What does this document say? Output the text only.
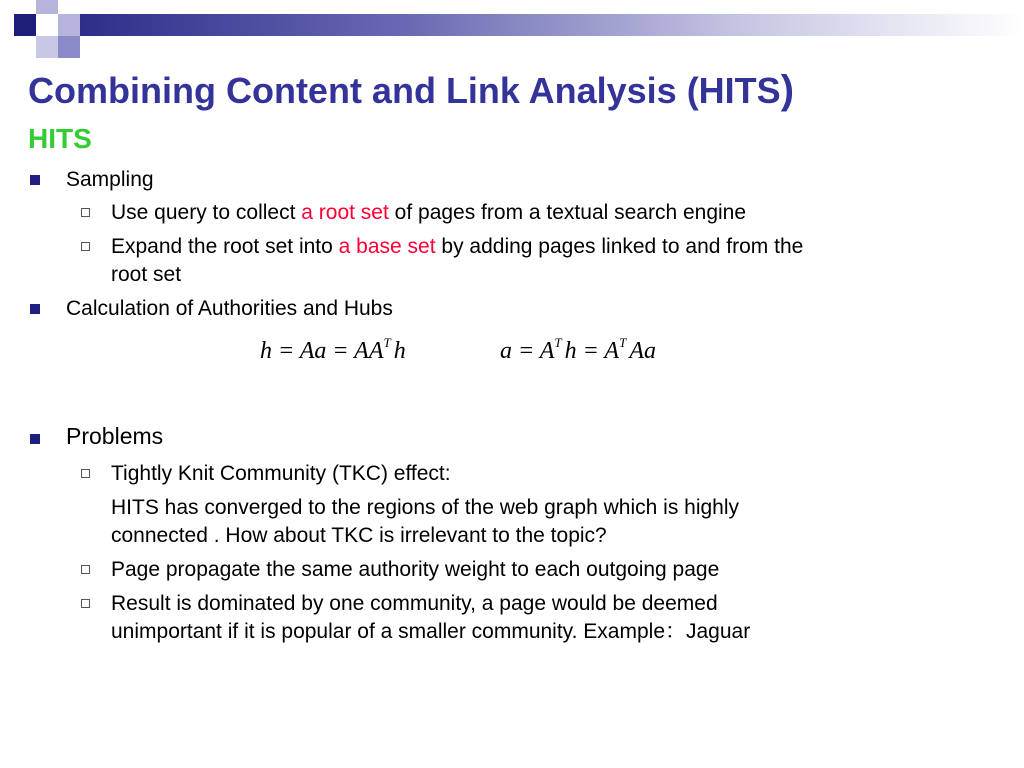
Combining Content and Link Analysis (HITS)
HITS
Sampling
Use query to collect a root set of pages from a textual search engine
Expand the root set into a base set by adding pages linked to and from the
root set
Calculation of Authorities and Hubs
$h = Aa = AA^T$ h	$a = A^T$ $h = A^T$ Aa
Problems
Tightly Knit Community (TKC) effect:
HITS has converged to the regions of the web graph which is highly
connected . How about TKC is irrelevant to the topic?
Page propagate the same authority weight to each outgoing page
Result is dominated by one community, a page would be deemed
unimportant if it is popular of a smaller community. Example：Jaguar
